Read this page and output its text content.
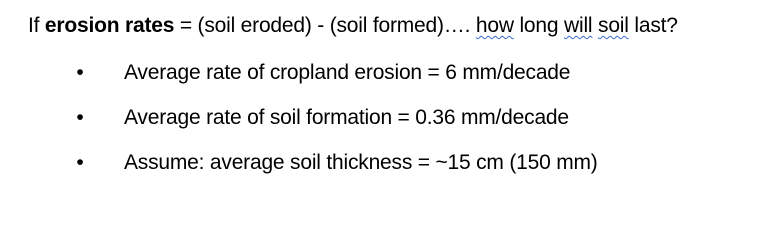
If erosion rates = (soil eroded) - (soil formed)…. how long will soil last?
• Average rate of cropland erosion = 6 mm/decade
• Average rate of soil formation = 0.36 mm/decade
• Assume: average soil thickness = ~15 cm (150 mm)
